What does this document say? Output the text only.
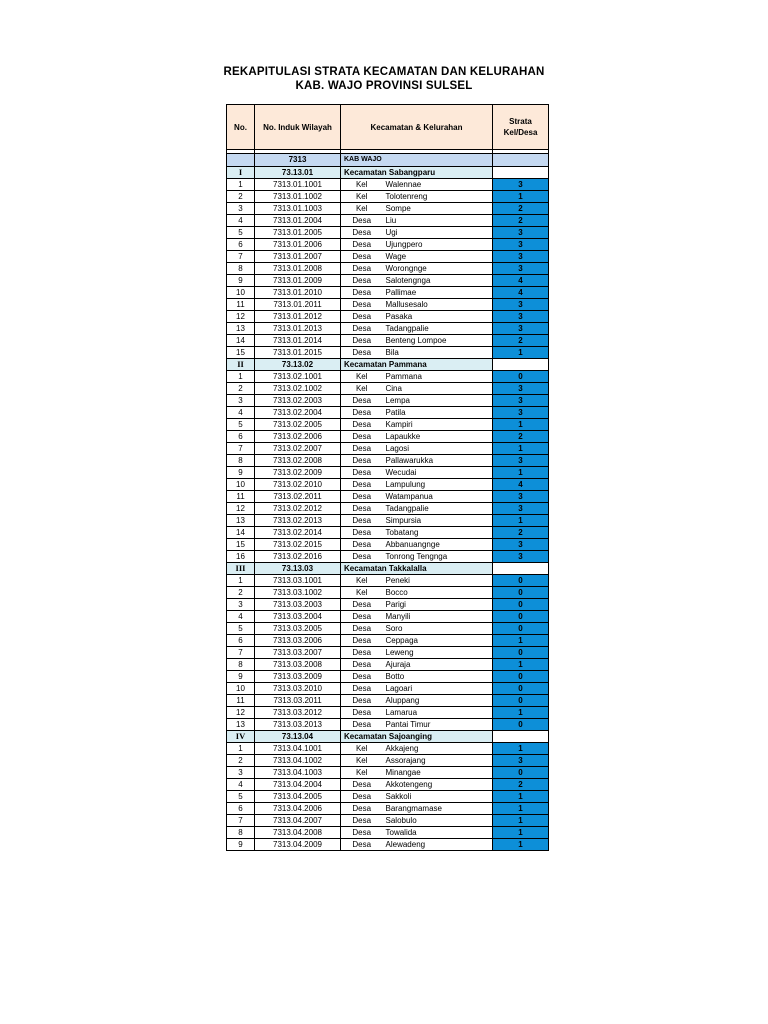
REKAPITULASI STRATA KECAMATAN DAN KELURAHAN
KAB. WAJO PROVINSI SULSEL
No.	No. Induk Wilayah	Kecamatan & Kelurahan		Strata Kel/Desa

	7313	KAB WAJO		
I	73.13.01	Kecamatan Sabangparu		
1	7313.01.1001	Kel	Walennae	3
2	7313.01.1002	Kel	Tolotenreng	1
3	7313.01.1003	Kel	Sompe	2
4	7313.01.2004	Desa	Liu	2
5	7313.01.2005	Desa	Ugi	3
6	7313.01.2006	Desa	Ujungpero	3
7	7313.01.2007	Desa	Wage	3
8	7313.01.2008	Desa	Worongnge	3
9	7313.01.2009	Desa	Salotengnga	4
10	7313.01.2010	Desa	Pallimae	4
11	7313.01.2011	Desa	Mallusesalo	3
12	7313.01.2012	Desa	Pasaka	3
13	7313.01.2013	Desa	Tadangpalie	3
14	7313.01.2014	Desa	Benteng Lompoe	2
15	7313.01.2015	Desa	Bila	1
II	73.13.02	Kecamatan Pammana		
1	7313.02.1001	Kel	Pammana	0
2	7313.02.1002	Kel	Cina	3
3	7313.02.2003	Desa	Lempa	3
4	7313.02.2004	Desa	Patila	3
5	7313.02.2005	Desa	Kampiri	1
6	7313.02.2006	Desa	Lapaukke	2
7	7313.02.2007	Desa	Lagosi	1
8	7313.02.2008	Desa	Pallawarukka	3
9	7313.02.2009	Desa	Wecudai	1
10	7313.02.2010	Desa	Lampulung	4
11	7313.02.2011	Desa	Watampanua	3
12	7313.02.2012	Desa	Tadangpalie	3
13	7313.02.2013	Desa	Simpursia	1
14	7313.02.2014	Desa	Tobatang	2
15	7313.02.2015	Desa	Abbanuangnge	3
16	7313.02.2016	Desa	Tonrong Tengnga	3
III	73.13.03	Kecamatan Takkalalla		
1	7313.03.1001	Kel	Peneki	0
2	7313.03.1002	Kel	Bocco	0
3	7313.03.2003	Desa	Parigi	0
4	7313.03.2004	Desa	Manyili	0
5	7313.03.2005	Desa	Soro	0
6	7313.03.2006	Desa	Ceppaga	1
7	7313.03.2007	Desa	Leweng	0
8	7313.03.2008	Desa	Ajuraja	1
9	7313.03.2009	Desa	Botto	0
10	7313.03.2010	Desa	Lagoari	0
11	7313.03.2011	Desa	Aluppang	0
12	7313.03.2012	Desa	Lamarua	1
13	7313.03.2013	Desa	Pantai Timur	0
IV	73.13.04	Kecamatan Sajoanging		
1	7313.04.1001	Kel	Akkajeng	1
2	7313.04.1002	Kel	Assorajang	3
3	7313.04.1003	Kel	Minangae	0
4	7313.04.2004	Desa	Akkotengeng	2
5	7313.04.2005	Desa	Sakkoli	1
6	7313.04.2006	Desa	Barangmamase	1
7	7313.04.2007	Desa	Salobulo	1
8	7313.04.2008	Desa	Towalida	1
9	7313.04.2009	Desa	Alewadeng	1
